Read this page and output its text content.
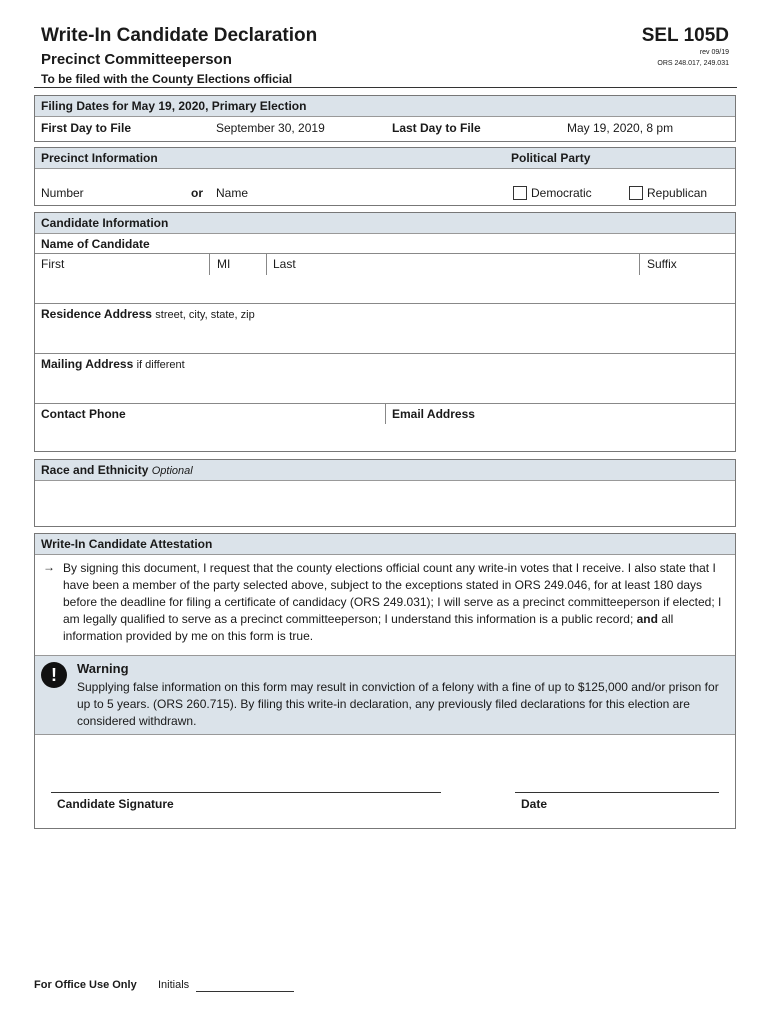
Write-In Candidate Declaration
Precinct Committeeperson
To be filed with the County Elections official
SEL 105D
rev 09/19
ORS 248.017, 249.031
Filing Dates for May 19, 2020, Primary Election
First Day to File	September 30, 2019	Last Day to File	May 19, 2020, 8 pm
Precinct Information	Political Party
Number	or Name	Democratic	Republican
Candidate Information
Name of Candidate
First	MI	Last	Suffix
Residence Address street, city, state, zip
Mailing Address if different
Contact Phone	Email Address
Race and Ethnicity Optional
Write-In Candidate Attestation
→ By signing this document, I request that the county elections official count any write-in votes that I receive. I also state that I have been a member of the party selected above, subject to the exceptions stated in ORS 249.046, for at least 180 days before the deadline for filing a certificate of candidacy (ORS 249.031); I will serve as a precinct committeeperson if elected; I am legally qualified to serve as a precinct committeeperson; I understand this information is a public record; and all information provided by me on this form is true.
!	Warning
Supplying false information on this form may result in conviction of a felony with a fine of up to $125,000 and/or prison for up to 5 years. (ORS 260.715). By filing this write-in declaration, any previously filed declarations for this election are considered withdrawn.
Candidate Signature	Date
For Office Use Only Initials
